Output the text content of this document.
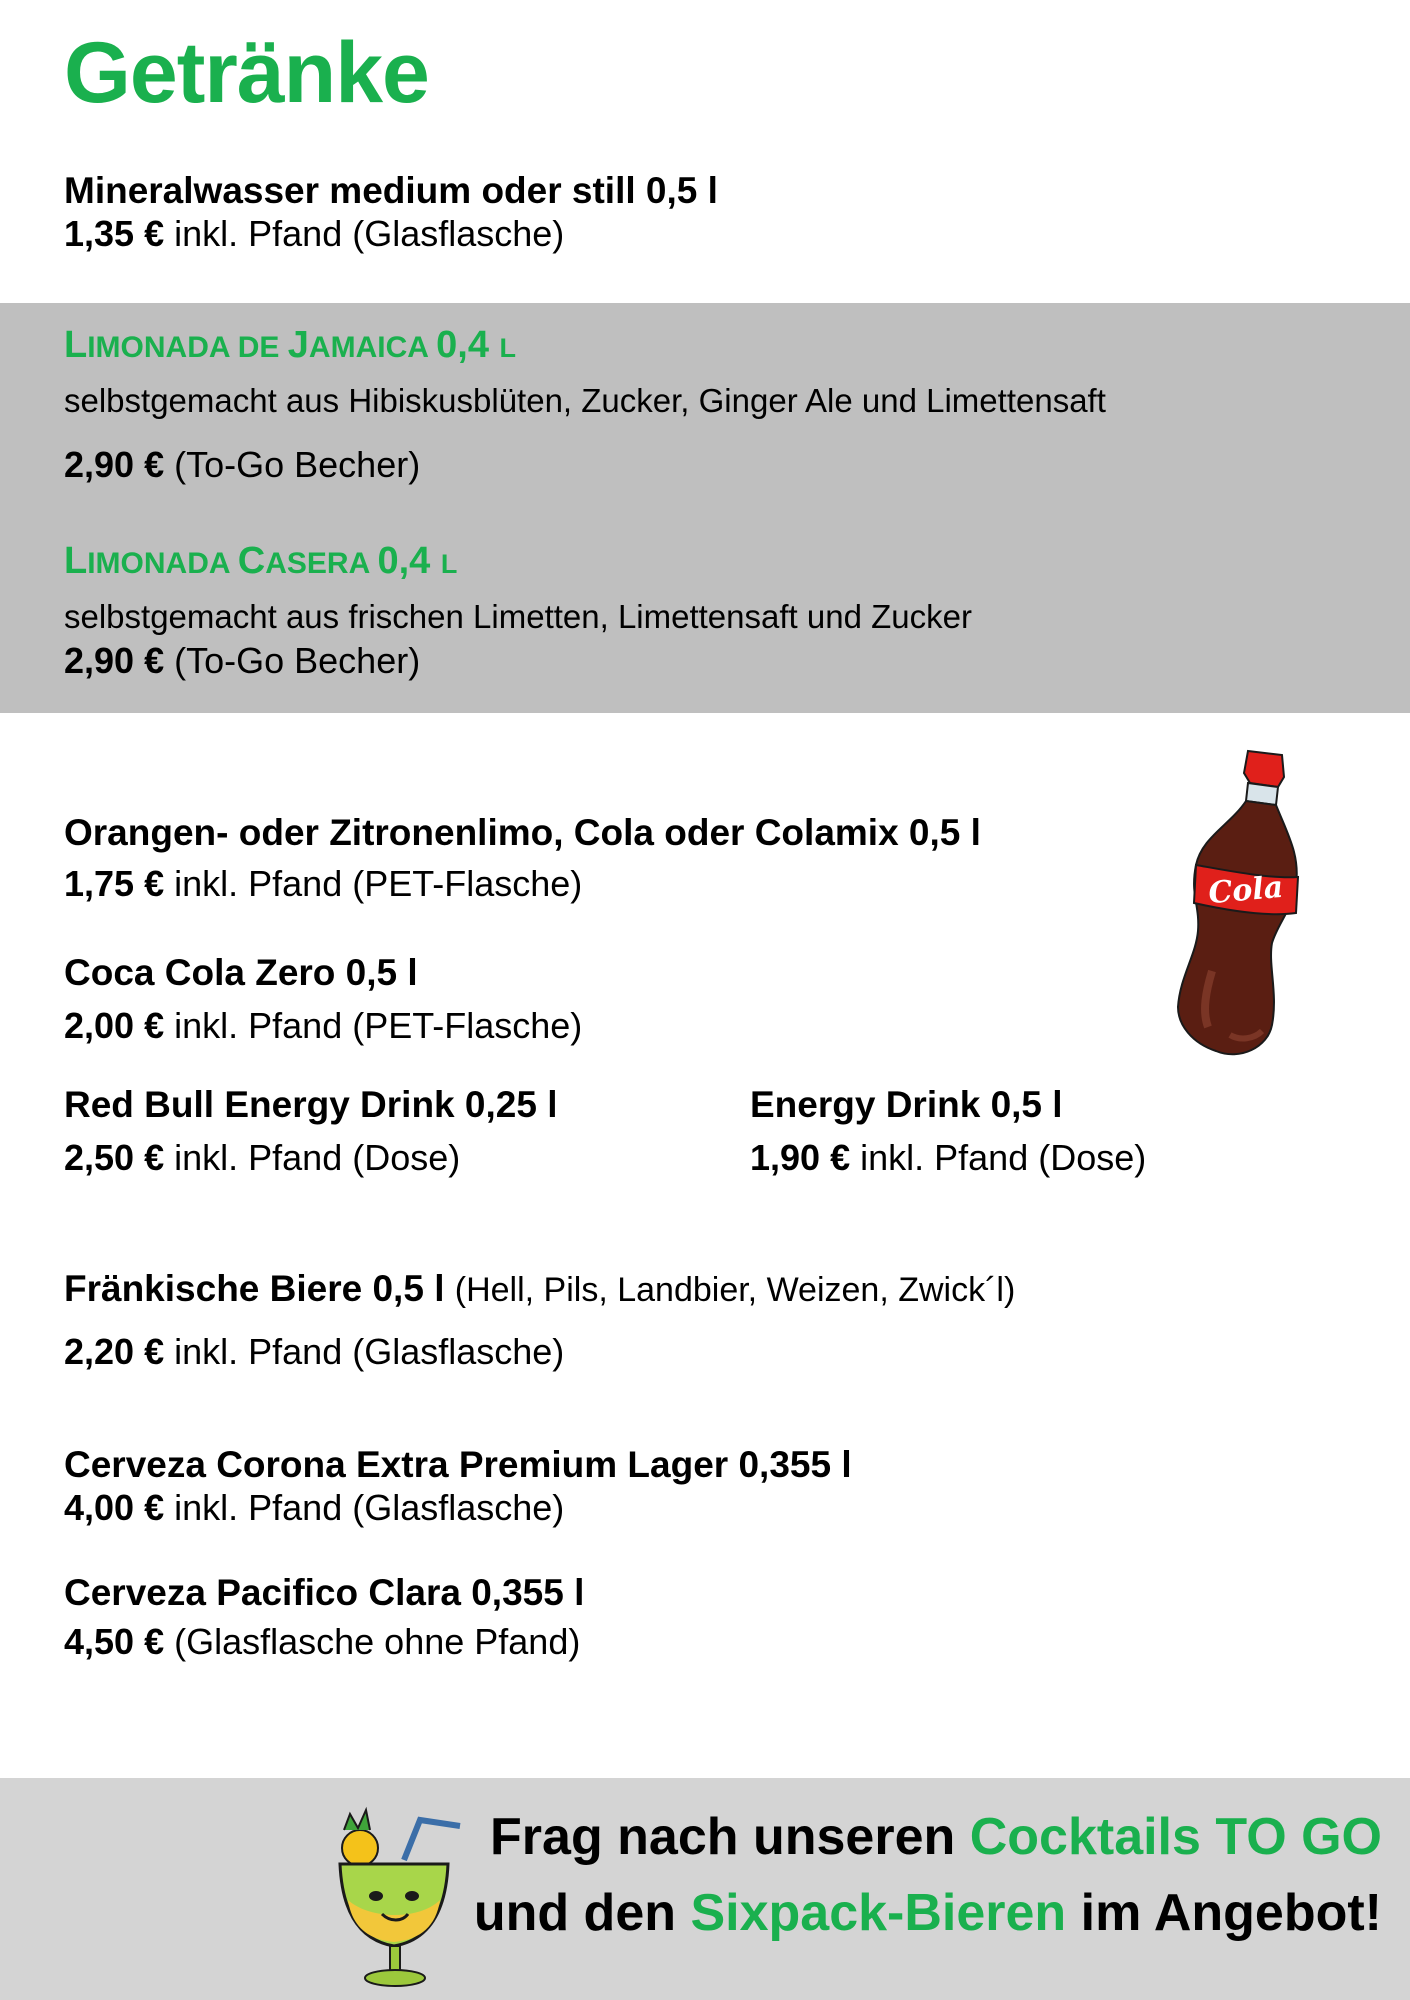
Getränke
Mineralwasser medium oder still 0,5 l
1,35 € inkl. Pfand (Glasflasche)
LIMONADA DE JAMAICA 0,4 l
selbstgemacht aus Hibiskusblüten, Zucker, Ginger Ale und Limettensaft
2,90 € (To-Go Becher)
LIMONADA CASERA 0,4 l
selbstgemacht aus frischen Limetten, Limettensaft und Zucker
2,90 € (To-Go Becher)
Orangen- oder Zitronenlimo, Cola oder Colamix 0,5 l
1,75 € inkl. Pfand (PET-Flasche)
Coca Cola Zero 0,5 l
2,00 € inkl. Pfand (PET-Flasche)
Red Bull Energy Drink 0,25 l
2,50 € inkl. Pfand (Dose)
Energy Drink 0,5 l
1,90 € inkl. Pfand (Dose)
Fränkische Biere 0,5 l (Hell, Pils, Landbier, Weizen, Zwick´l)
2,20 € inkl. Pfand (Glasflasche)
Cerveza Corona Extra Premium Lager 0,355 l
4,00 € inkl. Pfand (Glasflasche)
Cerveza Pacifico Clara 0,355 l
4,50 € (Glasflasche ohne Pfand)
Cola
Frag nach unseren Cocktails TO GO
und den Sixpack-Bieren im Angebot!
